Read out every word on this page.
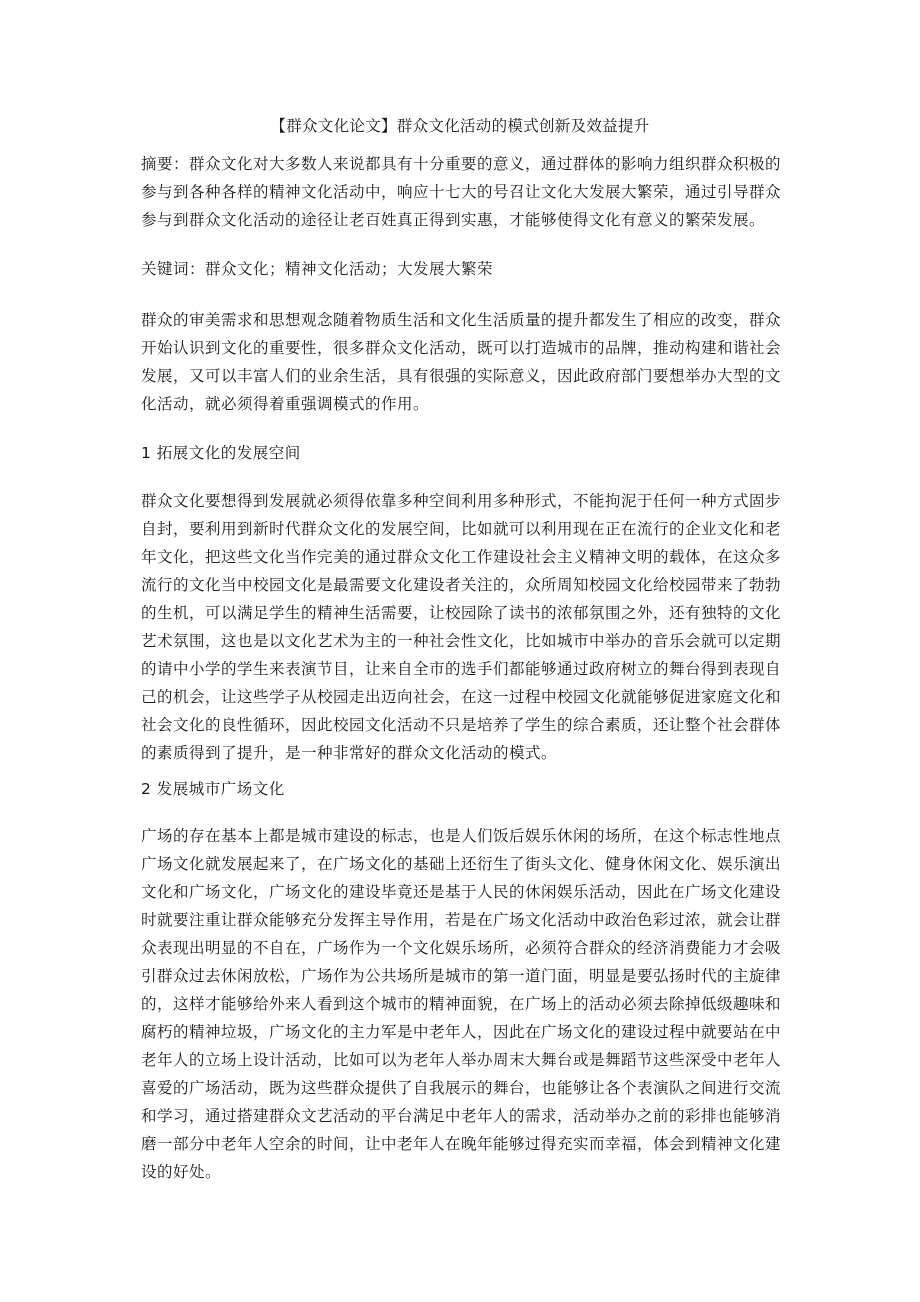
【群众文化论文】群众文化活动的模式创新及效益提升

摘要：群众文化对大多数人来说都具有十分重要的意义，通过群体的影响力组织群众积极的参与到各种各样的精神文化活动中，响应十七大的号召让文化大发展大繁荣，通过引导群众参与到群众文化活动的途径让老百姓真正得到实惠，才能够使得文化有意义的繁荣发展。

关键词：群众文化；精神文化活动；大发展大繁荣

群众的审美需求和思想观念随着物质生活和文化生活质量的提升都发生了相应的改变，群众开始认识到文化的重要性，很多群众文化活动，既可以打造城市的品牌，推动构建和谐社会发展，又可以丰富人们的业余生活，具有很强的实际意义，因此政府部门要想举办大型的文化活动，就必须得着重强调模式的作用。

1 拓展文化的发展空间

群众文化要想得到发展就必须得依靠多种空间利用多种形式，不能拘泥于任何一种方式固步自封，要利用到新时代群众文化的发展空间，比如就可以利用现在正在流行的企业文化和老年文化，把这些文化当作完美的通过群众文化工作建设社会主义精神文明的载体，在这众多流行的文化当中校园文化是最需要文化建设者关注的，众所周知校园文化给校园带来了勃勃的生机，可以满足学生的精神生活需要，让校园除了读书的浓郁氛围之外，还有独特的文化艺术氛围，这也是以文化艺术为主的一种社会性文化，比如城市中举办的音乐会就可以定期的请中小学的学生来表演节目，让来自全市的选手们都能够通过政府树立的舞台得到表现自己的机会，让这些学子从校园走出迈向社会，在这一过程中校园文化就能够促进家庭文化和社会文化的良性循环，因此校园文化活动不只是培养了学生的综合素质，还让整个社会群体的素质得到了提升，是一种非常好的群众文化活动的模式。

2 发展城市广场文化

广场的存在基本上都是城市建设的标志，也是人们饭后娱乐休闲的场所，在这个标志性地点广场文化就发展起来了，在广场文化的基础上还衍生了街头文化、健身休闲文化、娱乐演出文化和广场文化，广场文化的建设毕竟还是基于人民的休闲娱乐活动，因此在广场文化建设时就要注重让群众能够充分发挥主导作用，若是在广场文化活动中政治色彩过浓，就会让群众表现出明显的不自在，广场作为一个文化娱乐场所，必须符合群众的经济消费能力才会吸引群众过去休闲放松，广场作为公共场所是城市的第一道门面，明显是要弘扬时代的主旋律的，这样才能够给外来人看到这个城市的精神面貌，在广场上的活动必须去除掉低级趣味和腐朽的精神垃圾，广场文化的主力军是中老年人，因此在广场文化的建设过程中就要站在中老年人的立场上设计活动，比如可以为老年人举办周末大舞台或是舞蹈节这些深受中老年人喜爱的广场活动，既为这些群众提供了自我展示的舞台，也能够让各个表演队之间进行交流和学习，通过搭建群众文艺活动的平台满足中老年人的需求，活动举办之前的彩排也能够消磨一部分中老年人空余的时间，让中老年人在晚年能够过得充实而幸福，体会到精神文化建设的好处。
